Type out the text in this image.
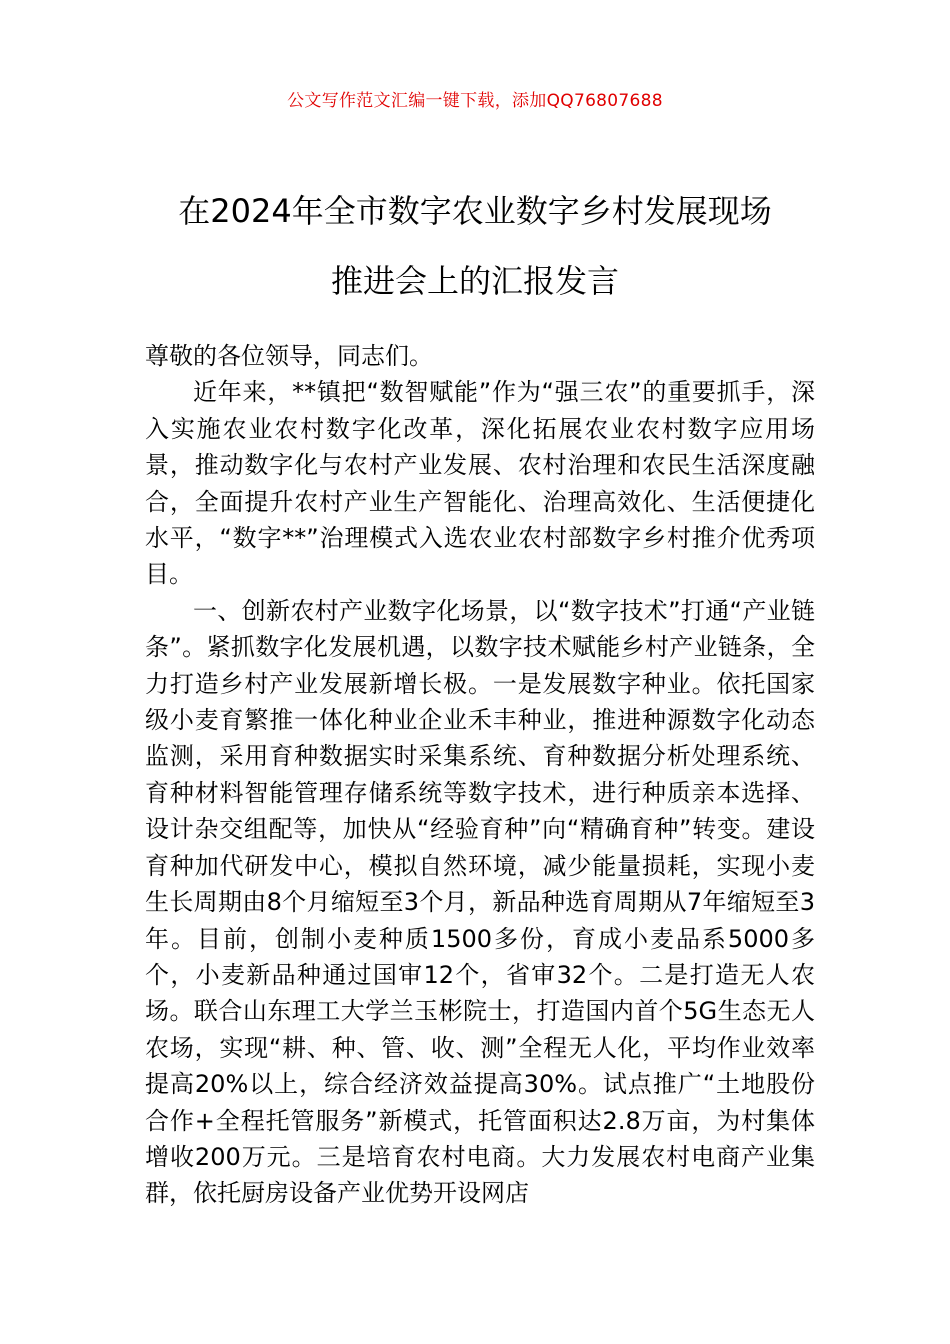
公文写作范文汇编一键下载，添加QQ76807688
在2024年全市数字农业数字乡村发展现场
推进会上的汇报发言

尊敬的各位领导，同志们。

近年来，**镇把“数智赋能”作为“强三农”的重要抓手，深入实施农业农村数字化改革，深化拓展农业农村数字应用场景，推动数字化与农村产业发展、农村治理和农民生活深度融合，全面提升农村产业生产智能化、治理高效化、生活便捷化水平，“数字**”治理模式入选农业农村部数字乡村推介优秀项目。

一、创新农村产业数字化场景，以“数字技术”打通“产业链条”。紧抓数字化发展机遇，以数字技术赋能乡村产业链条，全力打造乡村产业发展新增长极。一是发展数字种业。依托国家级小麦育繁推一体化种业企业禾丰种业，推进种源数字化动态监测，采用育种数据实时采集系统、育种数据分析处理系统、育种材料智能管理存储系统等数字技术，进行种质亲本选择、设计杂交组配等，加快从“经验育种”向“精确育种”转变。建设育种加代研发中心，模拟自然环境，减少能量损耗，实现小麦生长周期由8个月缩短至3个月，新品种选育周期从7年缩短至3年。目前，创制小麦种质1500多份，育成小麦品系5000多个，小麦新品种通过国审12个，省审32个。二是打造无人农场。联合山东理工大学兰玉彬院士，打造国内首个5G生态无人农场，实现“耕、种、管、收、测”全程无人化，平均作业效率提高20%以上，综合经济效益提高30%。试点推广“土地股份合作+全程托管服务”新模式，托管面积达2.8万亩，为村集体增收200万元。三是培育农村电商。大力发展农村电商产业集群，依托厨房设备产业优势开设网店
